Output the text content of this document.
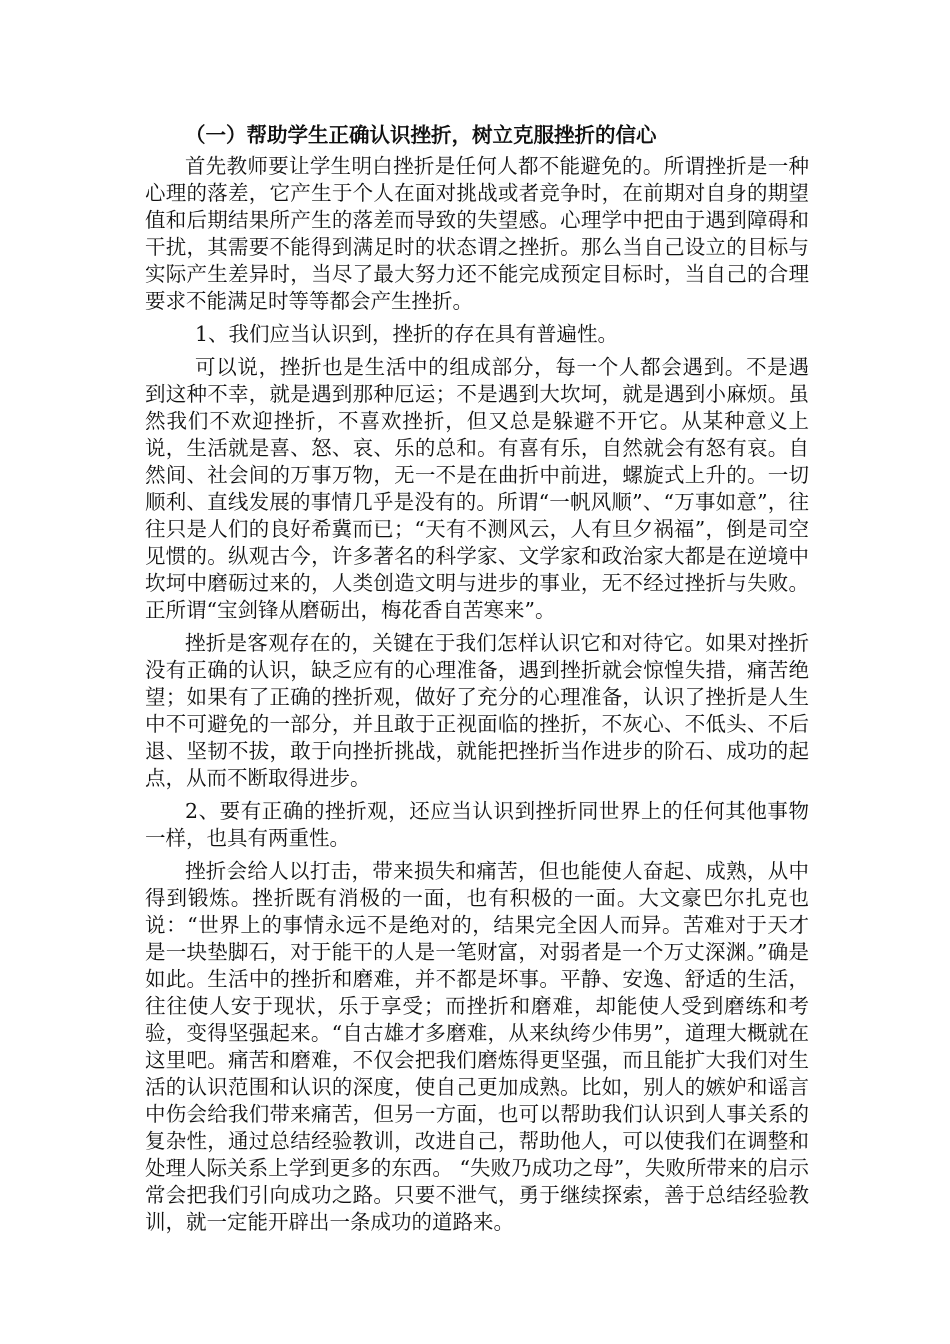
（一）帮助学生正确认识挫折，树立克服挫折的信心

首先教师要让学生明白挫折是任何人都不能避免的。所谓挫折是一种心理的落差，它产生于个人在面对挑战或者竞争时，在前期对自身的期望值和后期结果所产生的落差而导致的失望感。心理学中把由于遇到障碍和干扰，其需要不能得到满足时的状态谓之挫折。那么当自己设立的目标与实际产生差异时，当尽了最大努力还不能完成预定目标时，当自己的合理要求不能满足时等等都会产生挫折。

1、我们应当认识到，挫折的存在具有普遍性。

可以说，挫折也是生活中的组成部分，每一个人都会遇到。不是遇到这种不幸，就是遇到那种厄运；不是遇到大坎坷，就是遇到小麻烦。虽然我们不欢迎挫折，不喜欢挫折，但又总是躲避不开它。从某种意义上说，生活就是喜、怒、哀、乐的总和。有喜有乐，自然就会有怒有哀。自然间、社会间的万事万物，无一不是在曲折中前进，螺旋式上升的。一切顺利、直线发展的事情几乎是没有的。所谓“一帆风顺”、“万事如意”，往往只是人们的良好希冀而已；“天有不测风云，人有旦夕祸福”，倒是司空见惯的。纵观古今，许多著名的科学家、文学家和政治家大都是在逆境中坎坷中磨砺过来的，人类创造文明与进步的事业，无不经过挫折与失败。正所谓“宝剑锋从磨砺出，梅花香自苦寒来”。

挫折是客观存在的，关键在于我们怎样认识它和对待它。如果对挫折没有正确的认识，缺乏应有的心理准备，遇到挫折就会惊惶失措，痛苦绝望；如果有了正确的挫折观，做好了充分的心理准备，认识了挫折是人生中不可避免的一部分，并且敢于正视面临的挫折，不灰心、不低头、不后退、坚韧不拔，敢于向挫折挑战，就能把挫折当作进步的阶石、成功的起点，从而不断取得进步。

2、要有正确的挫折观，还应当认识到挫折同世界上的任何其他事物一样，也具有两重性。

挫折会给人以打击，带来损失和痛苦，但也能使人奋起、成熟，从中得到锻炼。挫折既有消极的一面，也有积极的一面。大文豪巴尔扎克也说：“世界上的事情永远不是绝对的，结果完全因人而异。苦难对于天才是一块垫脚石，对于能干的人是一笔财富，对弱者是一个万丈深渊。”确是如此。生活中的挫折和磨难，并不都是坏事。平静、安逸、舒适的生活，往往使人安于现状，乐于享受；而挫折和磨难，却能使人受到磨练和考验，变得坚强起来。“自古雄才多磨难，从来纨绔少伟男”，道理大概就在这里吧。痛苦和磨难，不仅会把我们磨炼得更坚强，而且能扩大我们对生活的认识范围和认识的深度，使自己更加成熟。比如，别人的嫉妒和谣言中伤会给我们带来痛苦，但另一方面，也可以帮助我们认识到人事关系的复杂性，通过总结经验教训，改进自己，帮助他人，可以使我们在调整和处理人际关系上学到更多的东西。 “失败乃成功之母”，失败所带来的启示常会把我们引向成功之路。只要不泄气，勇于继续探索，善于总结经验教训，就一定能开辟出一条成功的道路来。
